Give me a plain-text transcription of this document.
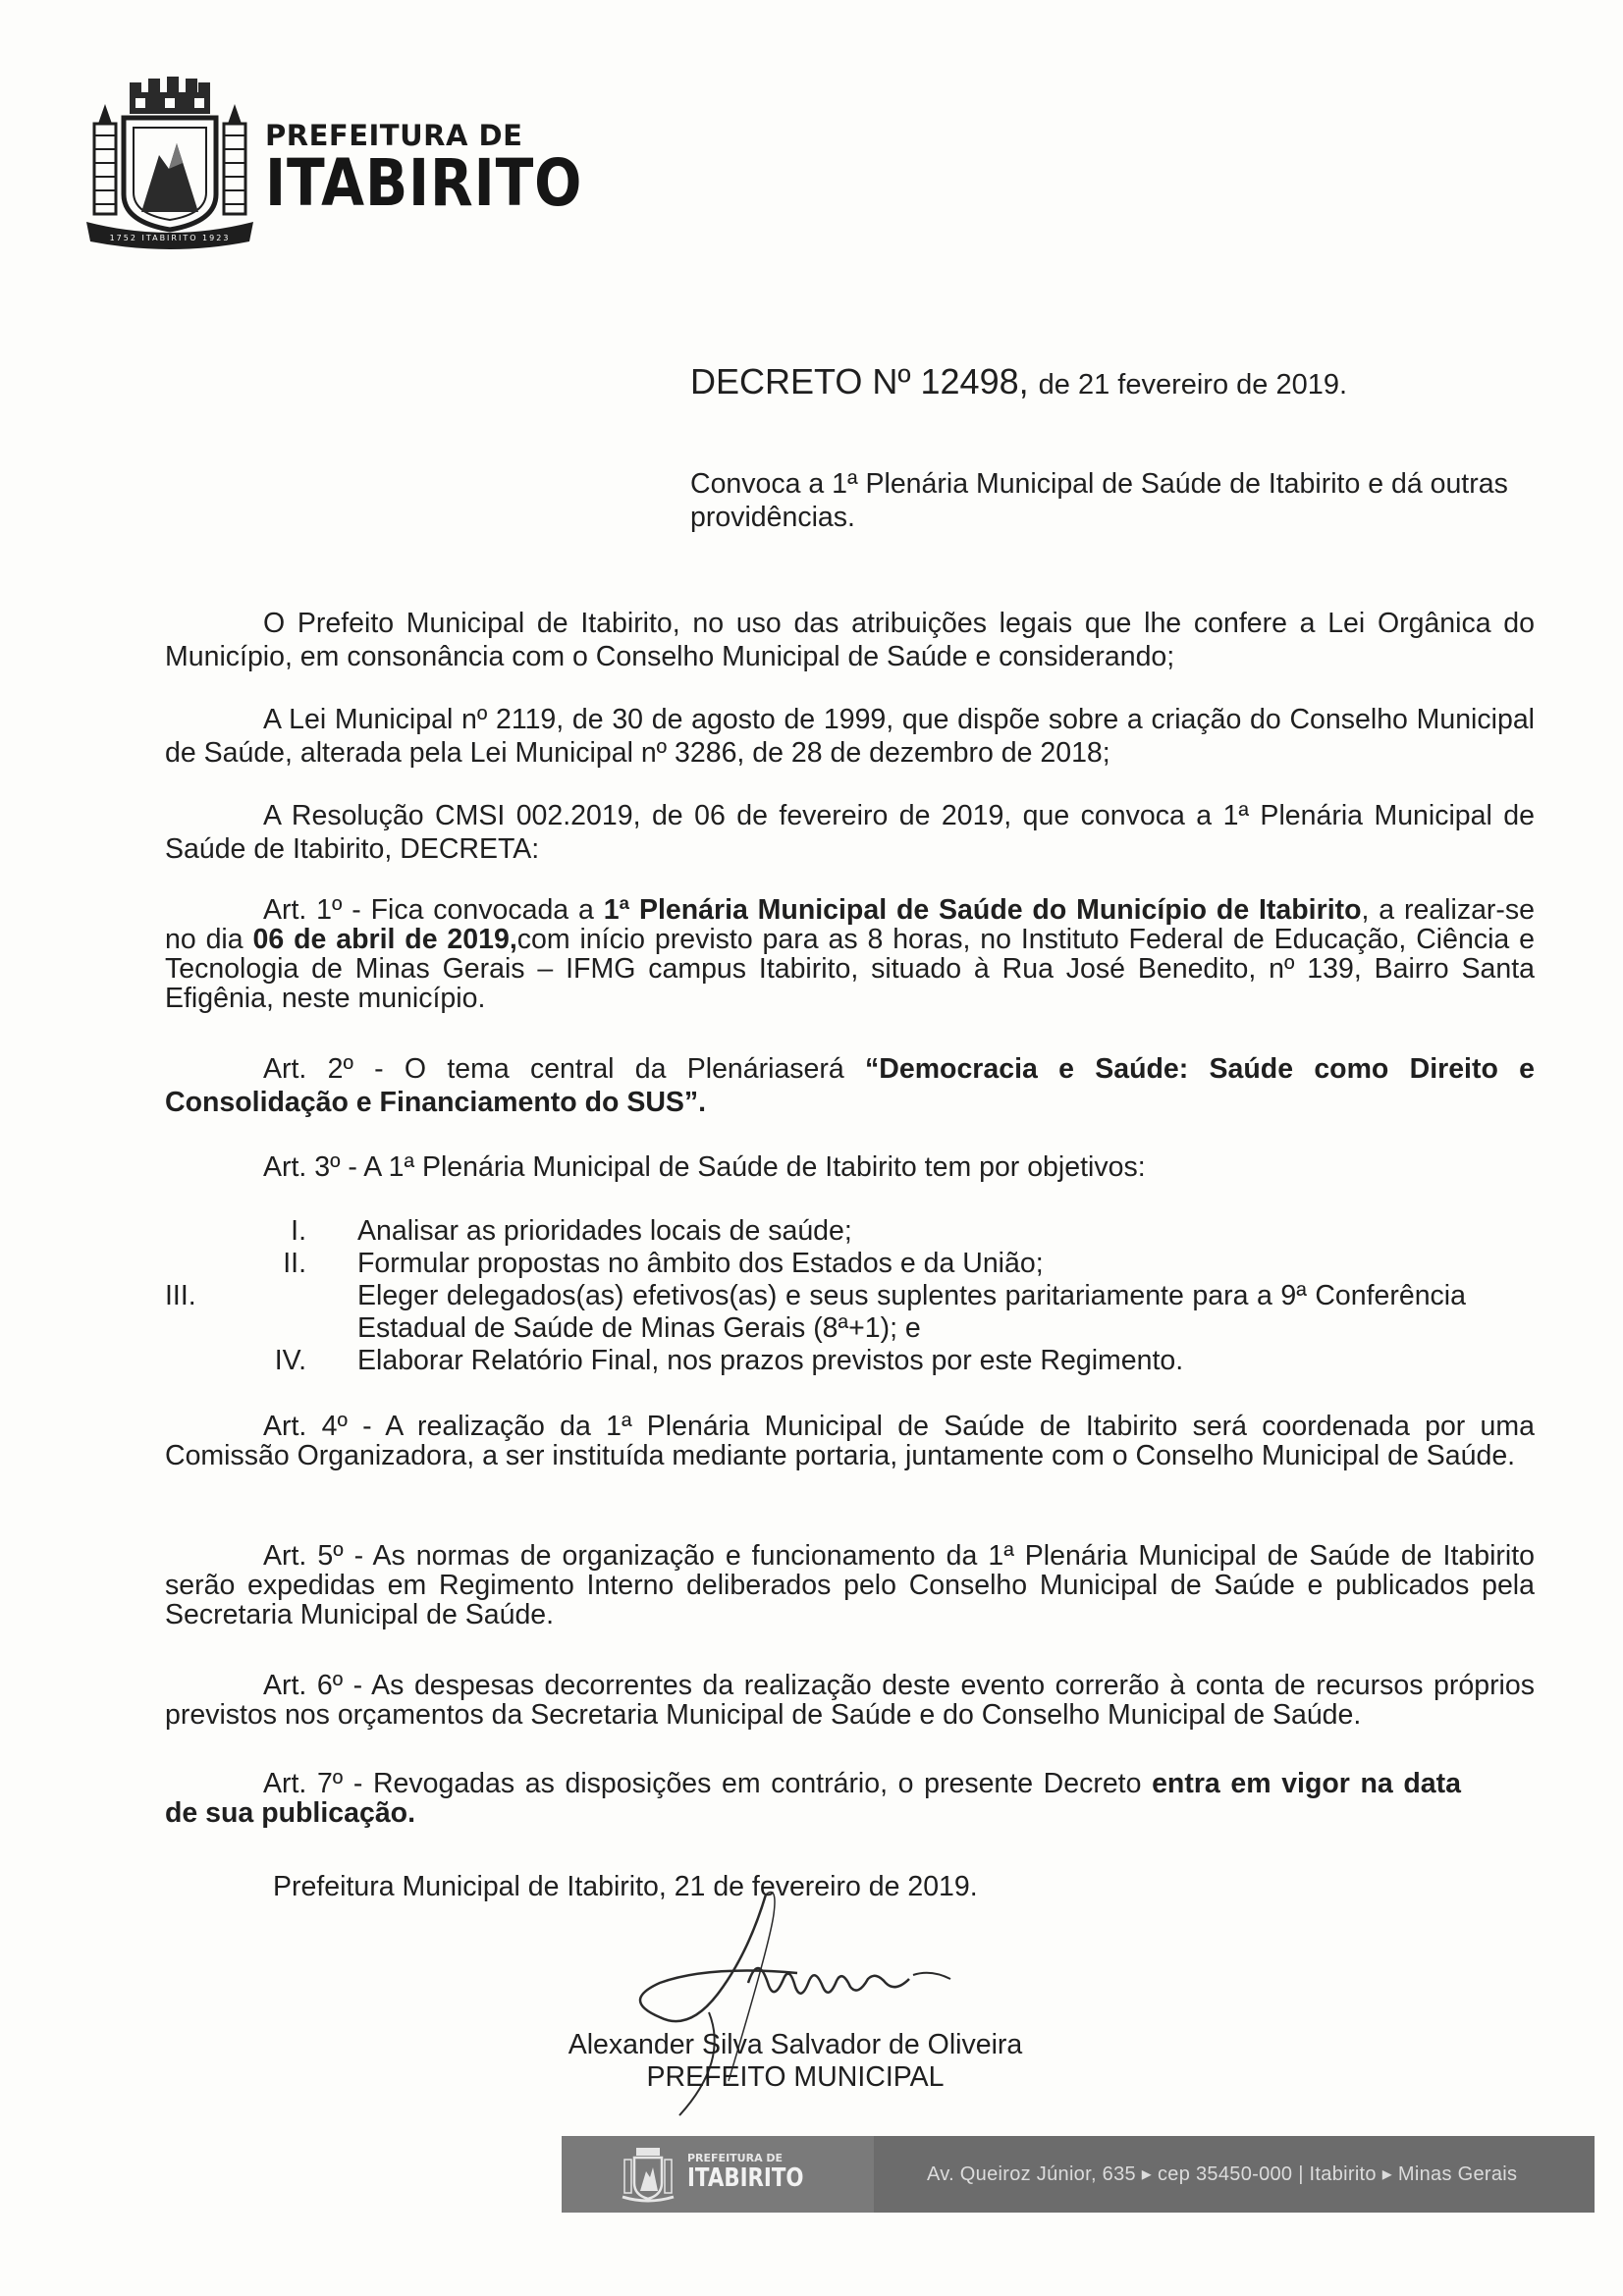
1752 ITABIRITO 1923
PREFEITURA DE
ITABIRITO
DECRETO Nº 12498, de 21 fevereiro de 2019.
Convoca a 1ª Plenária Municipal de Saúde de Itabirito e dá outras providências.
O Prefeito Municipal de Itabirito, no uso das atribuições legais que lhe confere a Lei Orgânica do Município, em consonância com o Conselho Municipal de Saúde e considerando;
A Lei Municipal nº 2119, de 30 de agosto de 1999, que dispõe sobre a criação do Conselho Municipal de Saúde, alterada pela Lei Municipal nº 3286, de 28 de dezembro de 2018;
A Resolução CMSI 002.2019, de 06 de fevereiro de 2019, que convoca a 1ª Plenária Municipal de Saúde de Itabirito, DECRETA:
Art. 1º - Fica convocada a 1ª Plenária Municipal de Saúde do Município de Itabirito, a realizar-se no dia 06 de abril de 2019,com início previsto para as 8 horas, no Instituto Federal de Educação, Ciência e Tecnologia de Minas Gerais – IFMG campus Itabirito, situado à Rua José Benedito, nº 139, Bairro Santa Efigênia, neste município.
Art. 2º - O tema central da Plenáriaserá “Democracia e Saúde: Saúde como Direito e Consolidação e Financiamento do SUS”.
Art. 3º - A 1ª Plenária Municipal de Saúde de Itabirito tem por objetivos:
I. Analisar as prioridades locais de saúde;
II. Formular propostas no âmbito dos Estados e da União;
III.	Eleger delegados(as) efetivos(as) e seus suplentes paritariamente para a 9ª Conferência Estadual de Saúde de Minas Gerais (8ª+1); e
IV. Elaborar Relatório Final, nos prazos previstos por este Regimento.
Art. 4º - A realização da 1ª Plenária Municipal de Saúde de Itabirito será coordenada por uma Comissão Organizadora, a ser instituída mediante portaria, juntamente com o Conselho Municipal de Saúde.
Art. 5º - As normas de organização e funcionamento da 1ª Plenária Municipal de Saúde de Itabirito serão expedidas em Regimento Interno deliberados pelo Conselho Municipal de Saúde e publicados pela Secretaria Municipal de Saúde.
Art. 6º - As despesas decorrentes da realização deste evento correrão à conta de recursos próprios previstos nos orçamentos da Secretaria Municipal de Saúde e do Conselho Municipal de Saúde.
Art. 7º - Revogadas as disposições em contrário, o presente Decreto entra em vigor na data de sua publicação.
Prefeitura Municipal de Itabirito, 21 de fevereiro de 2019.
Alexander Silva Salvador de Oliveira
PREFEITO MUNICIPAL
PREFEITURA DE
ITABIRITO	Av. Queiroz Júnior, 635 ▸ cep 35450-000 | Itabirito ▸ Minas Gerais
